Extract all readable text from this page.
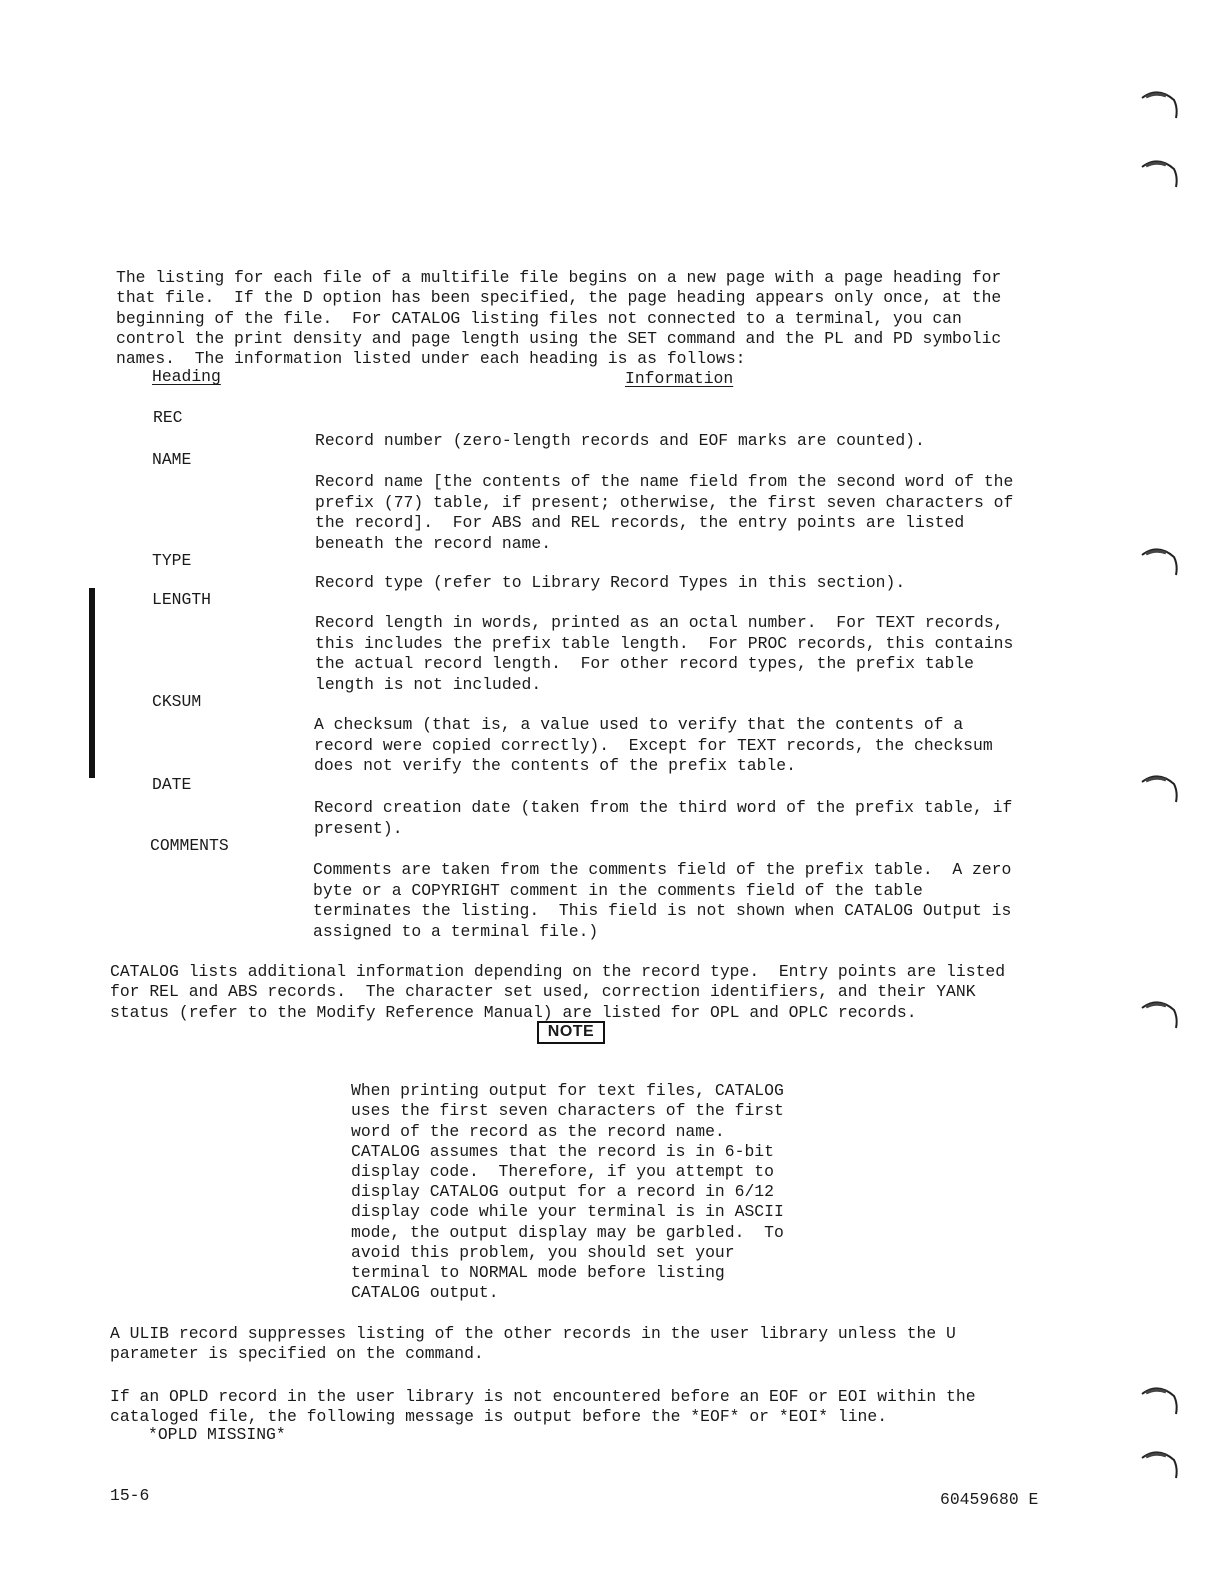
The listing for each file of a multifile file begins on a new page with a page heading for
that file.  If the D option has been specified, the page heading appears only once, at the
beginning of the file.  For CATALOG listing files not connected to a terminal, you can
control the print density and page length using the SET command and the PL and PD symbolic
names.  The information listed under each heading is as follows:

Heading	Information
REC

Record number (zero-length records and EOF marks are counted).

NAME

Record name [the contents of the name field from the second word of the
prefix (77) table, if present; otherwise, the first seven characters of
the record].  For ABS and REL records, the entry points are listed
beneath the record name.

TYPE

Record type (refer to Library Record Types in this section).

LENGTH

Record length in words, printed as an octal number.  For TEXT records,
this includes the prefix table length.  For PROC records, this contains
the actual record length.  For other record types, the prefix table
length is not included.

CKSUM

A checksum (that is, a value used to verify that the contents of a
record were copied correctly).  Except for TEXT records, the checksum
does not verify the contents of the prefix table.

DATE

Record creation date (taken from the third word of the prefix table, if
present).

COMMENTS

Comments are taken from the comments field of the prefix table.  A zero
byte or a COPYRIGHT comment in the comments field of the table
terminates the listing.  This field is not shown when CATALOG Output is
assigned to a terminal file.)

CATALOG lists additional information depending on the record type.  Entry points are listed
for REL and ABS records.  The character set used, correction identifiers, and their YANK
status (refer to the Modify Reference Manual) are listed for OPL and OPLC records.

NOTE

When printing output for text files, CATALOG
uses the first seven characters of the first
word of the record as the record name.
CATALOG assumes that the record is in 6-bit
display code.  Therefore, if you attempt to
display CATALOG output for a record in 6/12
display code while your terminal is in ASCII
mode, the output display may be garbled.  To
avoid this problem, you should set your
terminal to NORMAL mode before listing
CATALOG output.

A ULIB record suppresses listing of the other records in the user library unless the U
parameter is specified on the command.

If an OPLD record in the user library is not encountered before an EOF or EOI within the
cataloged file, the following message is output before the *EOF* or *EOI* line.

*OPLD MISSING*
15-6	60459680 E
